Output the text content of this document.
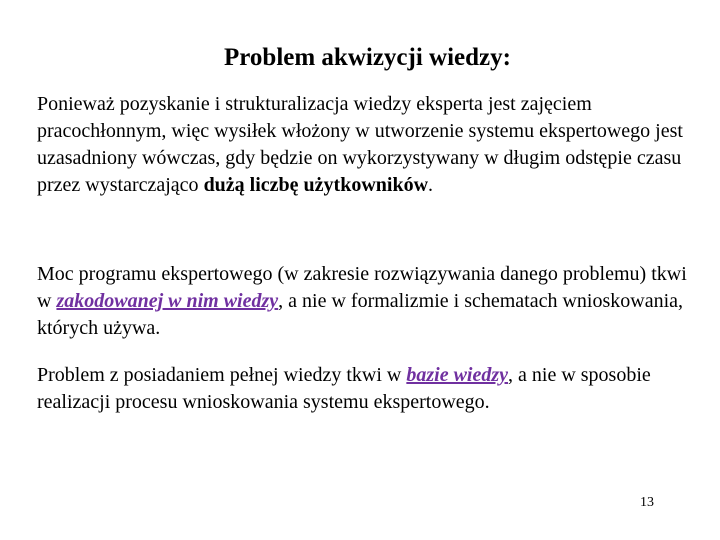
Problem akwizycji wiedzy:

Ponieważ pozyskanie i strukturalizacja wiedzy eksperta jest zajęciem pracochłonnym, więc wysiłek włożony w utworzenie systemu ekspertowego jest uzasadniony wówczas, gdy będzie on wykorzystywany w długim odstępie czasu przez wystarczająco dużą liczbę użytkowników.

Moc programu ekspertowego (w zakresie rozwiązywania danego problemu) tkwi w zakodowanej w nim wiedzy, a nie w formalizmie i schematach wnioskowania, których używa.

Problem z posiadaniem pełnej wiedzy tkwi w bazie wiedzy, a nie w sposobie realizacji procesu wnioskowania systemu ekspertowego.

13
